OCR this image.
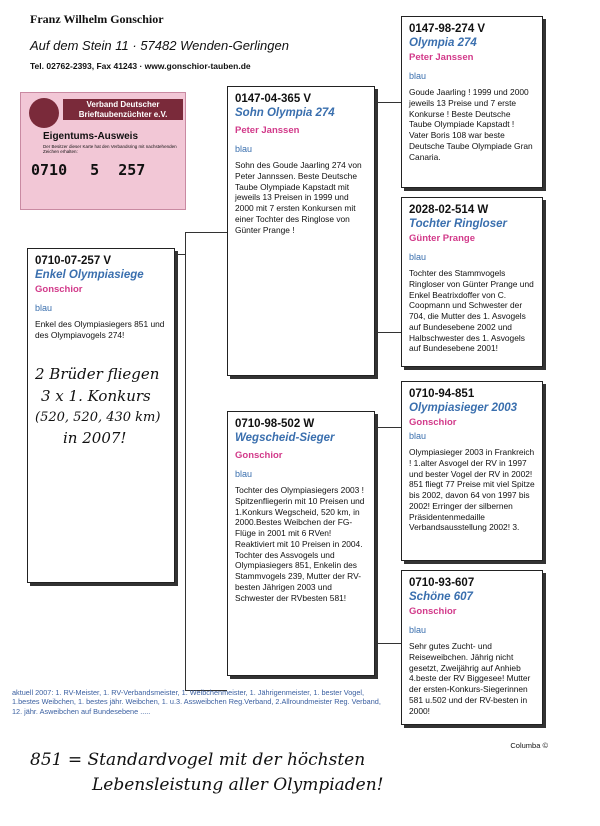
Franz Wilhelm Gonschior
Auf dem Stein 11 · 57482 Wenden-Gerlingen
Tel. 02762-2393, Fax 41243 · www.gonschior-tauben.de
Verband Deutscher
Brieftaubenzüchter e.V.
Eigentums-Ausweis
Der Besitzer dieser Karte hat den Verbandsring mit nachstehenden Zeichen erhalten:
0710 5 257
0710-07-257 V
Enkel Olympiasiege
Gonschior
blau
Enkel des Olympiasiegers 851 und des Olympiavogels 274!
2 Brüder fliegen
3 x 1. Konkurs
(520, 520, 430 km)
in 2007!
0147-04-365 V
Sohn Olympia 274
Peter Janssen
blau
Sohn des Goude Jaarling 274 von Peter Jannssen. Beste Deutsche Taube Olympiade Kapstadt mit jeweils 13 Preisen in 1999 und 2000 mit 7 ersten Konkursen mit einer Tochter des Ringlose von Günter Prange !
0710-98-502 W
Wegscheid-Sieger
Gonschior
blau
Tochter des Olympiasiegers 2003 ! Spitzenfliegerin mit 10 Preisen und 1.Konkurs Wegscheid, 520 km, in 2000.Bestes Weibchen der FG-Flüge in 2001 mit 6 RVen! Reaktiviert mit 10 Preisen in 2004. Tochter des Assvogels und Olympiasiegers 851, Enkelin des Stammvogels 239, Mutter der RV-besten Jährigen 2003 und Schwester der RVbesten 581!
0147-98-274 V
Olympia 274
Peter Janssen
blau
Goude Jaarling ! 1999 und 2000 jeweils 13 Preise und 7 erste Konkurse ! Beste Deutsche Taube Olympiade Kapstadt ! Vater Boris 108 war beste Deutsche Taube Olympiade Gran Canaria.
2028-02-514 W
Tochter Ringloser
Günter Prange
blau
Tochter des Stammvogels Ringloser von Günter Prange und Enkel Beatrixdoffer von C. Coopmann und Schwester der 704, die Mutter des 1. Asvogels auf Bundesebene 2002 und Halbschwester des 1. Asvogels auf Bundesebene 2001!
0710-94-851
Olympiasieger 2003
Gonschior
blau
Olympiasieger 2003 in Frankreich ! 1.alter Asvogel der RV in 1997 und bester Vogel der RV in 2002! 851 fliegt 77 Preise mit viel Spitze bis 2002, davon 64 von 1997 bis 2002! Erringer der silbernen Präsidentenmedaille Verbandsausstellung 2002! 3.
0710-93-607
Schöne 607
Gonschior
blau
Sehr gutes Zucht- und Reiseweibchen. Jährig nicht gesetzt, Zweijährig auf Anhieb 4.beste der RV Biggesee! Mutter der ersten-Konkurs-Siegerinnen 581 u.502 und der RV-besten in 2000!
aktuell 2007: 1. RV-Meister, 1. RV-Verbandsmeister, 1. Weibchenmeister, 1. Jährigenmeister, 1. bester Vogel, 1.bestes Weibchen, 1. bestes jähr. Weibchen, 1. u.3. Assweibchen Reg.Verband, 2.Allroundmeister Reg. Verband, 12. jähr. Asweibchen auf Bundesebene .....
Columba ©
851 = Standardvogel mit der höchsten
Lebensleistung aller Olympiaden!
